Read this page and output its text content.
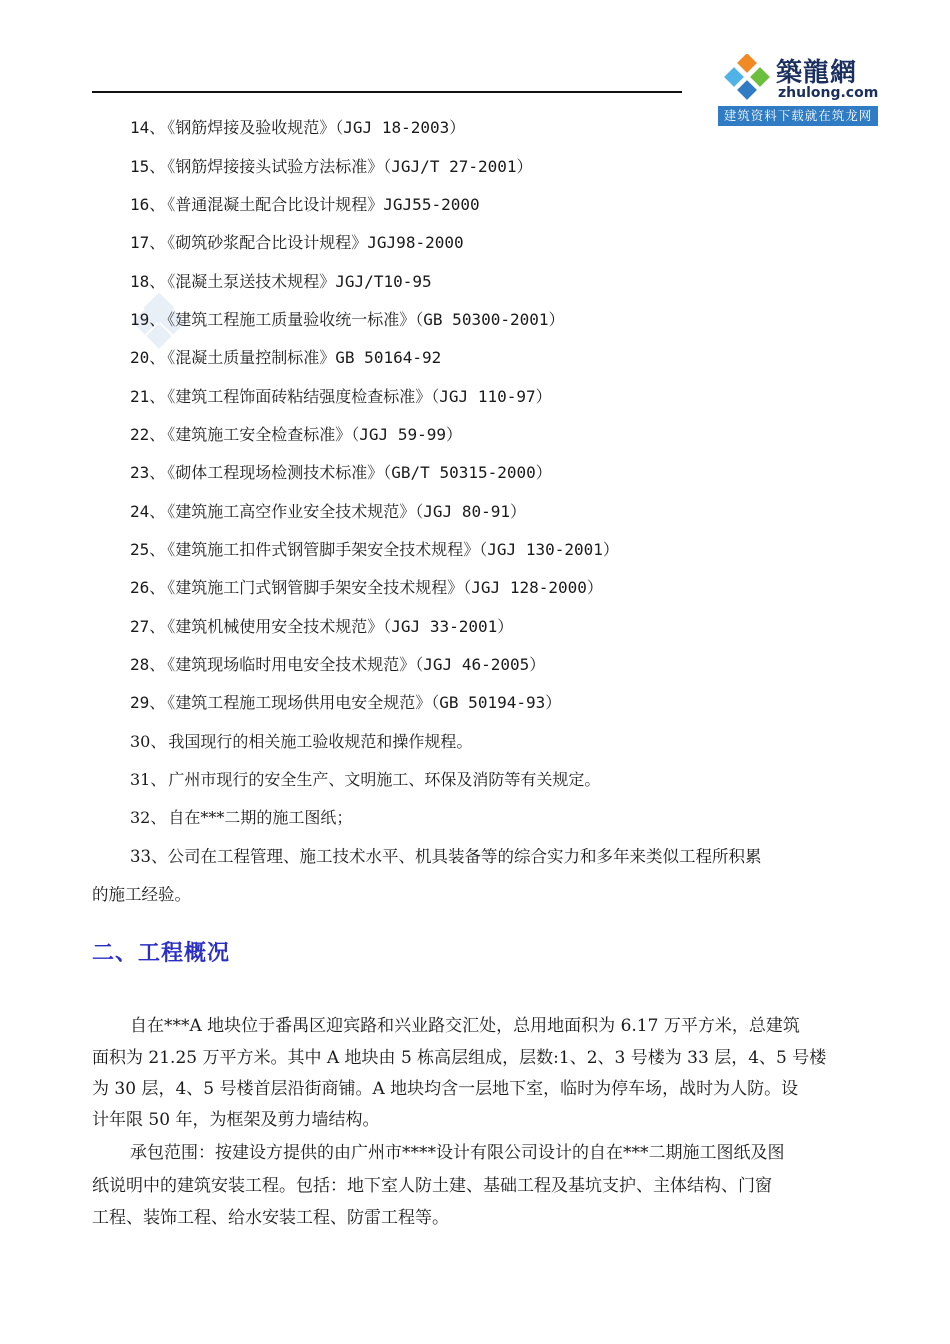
築龍網
zhulong.com
建筑资料下载就在筑龙网
14、 《钢筋焊接及验收规范》（JGJ 18-2003）
15、 《钢筋焊接接头试验方法标准》（JGJ/T 27-2001）
16、 《普通混凝土配合比设计规程》JGJ55-2000
17、 《砌筑砂浆配合比设计规程》JGJ98-2000
18、 《混凝土泵送技术规程》JGJ/T10-95
19、 《建筑工程施工质量验收统一标准》（GB 50300-2001）
20、 《混凝土质量控制标准》GB 50164-92
21、 《建筑工程饰面砖粘结强度检查标准》（JGJ 110-97）
22、 《建筑施工安全检查标准》（JGJ 59-99）
23、 《砌体工程现场检测技术标准》（GB/T 50315-2000）
24、 《建筑施工高空作业安全技术规范》（JGJ 80-91）
25、 《建筑施工扣件式钢管脚手架安全技术规程》（JGJ 130-2001）
26、 《建筑施工门式钢管脚手架安全技术规程》（JGJ 128-2000）
27、 《建筑机械使用安全技术规范》（JGJ 33-2001）
28、 《建筑现场临时用电安全技术规范》（JGJ 46-2005）
29、 《建筑工程施工现场供用电安全规范》（GB 50194-93）
30、 我国现行的相关施工验收规范和操作规程。
31、 广州市现行的安全生产、文明施工、环保及消防等有关规定。
32、 自在***二期的施工图纸；
33、公司在工程管理、施工技术水平、机具装备等的综合实力和多年来类似工程所积累
的施工经验。
二、工程概况
自在***A 地块位于番禺区迎宾路和兴业路交汇处，总用地面积为 6.17 万平方米，总建筑
面积为 21.25 万平方米。其中 A 地块由 5 栋高层组成，层数:1、2、3 号楼为 33 层，4、5 号楼
为 30 层，4、5 号楼首层沿街商铺。A 地块均含一层地下室，临时为停车场，战时为人防。设
计年限 50 年，为框架及剪力墙结构。
承包范围：按建设方提供的由广州市****设计有限公司设计的自在***二期施工图纸及图
纸说明中的建筑安装工程。包括：地下室人防土建、基础工程及基坑支护、主体结构、门窗
工程、装饰工程、给水安装工程、防雷工程等。
